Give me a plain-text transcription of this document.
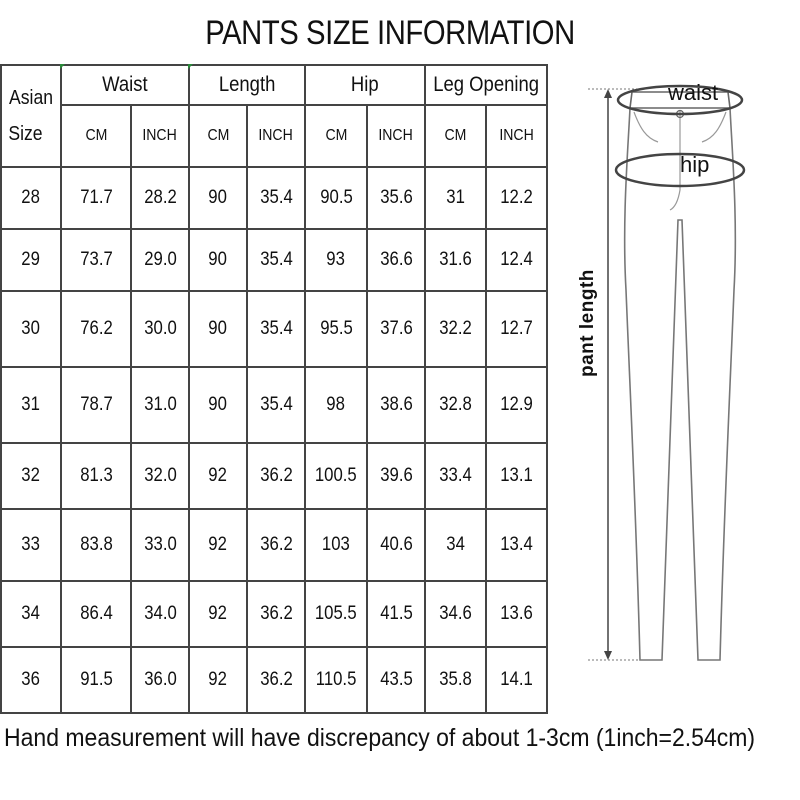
PANTS SIZE INFORMATION
Asian
Size	Waist		Length		Hip		Leg Opening	
	CM	INCH	CM	INCH	CM	INCH	CM	INCH
28	71.7	28.2	90	35.4	90.5	35.6	31	12.2
29	73.7	29.0	90	35.4	93	36.6	31.6	12.4
30	76.2	30.0	90	35.4	95.5	37.6	32.2	12.7
31	78.7	31.0	90	35.4	98	38.6	32.8	12.9
32	81.3	32.0	92	36.2	100.5	39.6	33.4	13.1
33	83.8	33.0	92	36.2	103	40.6	34	13.4
34	86.4	34.0	92	36.2	105.5	41.5	34.6	13.6
36	91.5	36.0	92	36.2	110.5	43.5	35.8	14.1
waist
hip
pant length
Hand measurement will have discrepancy of about 1-3cm (1inch=2.54cm)
